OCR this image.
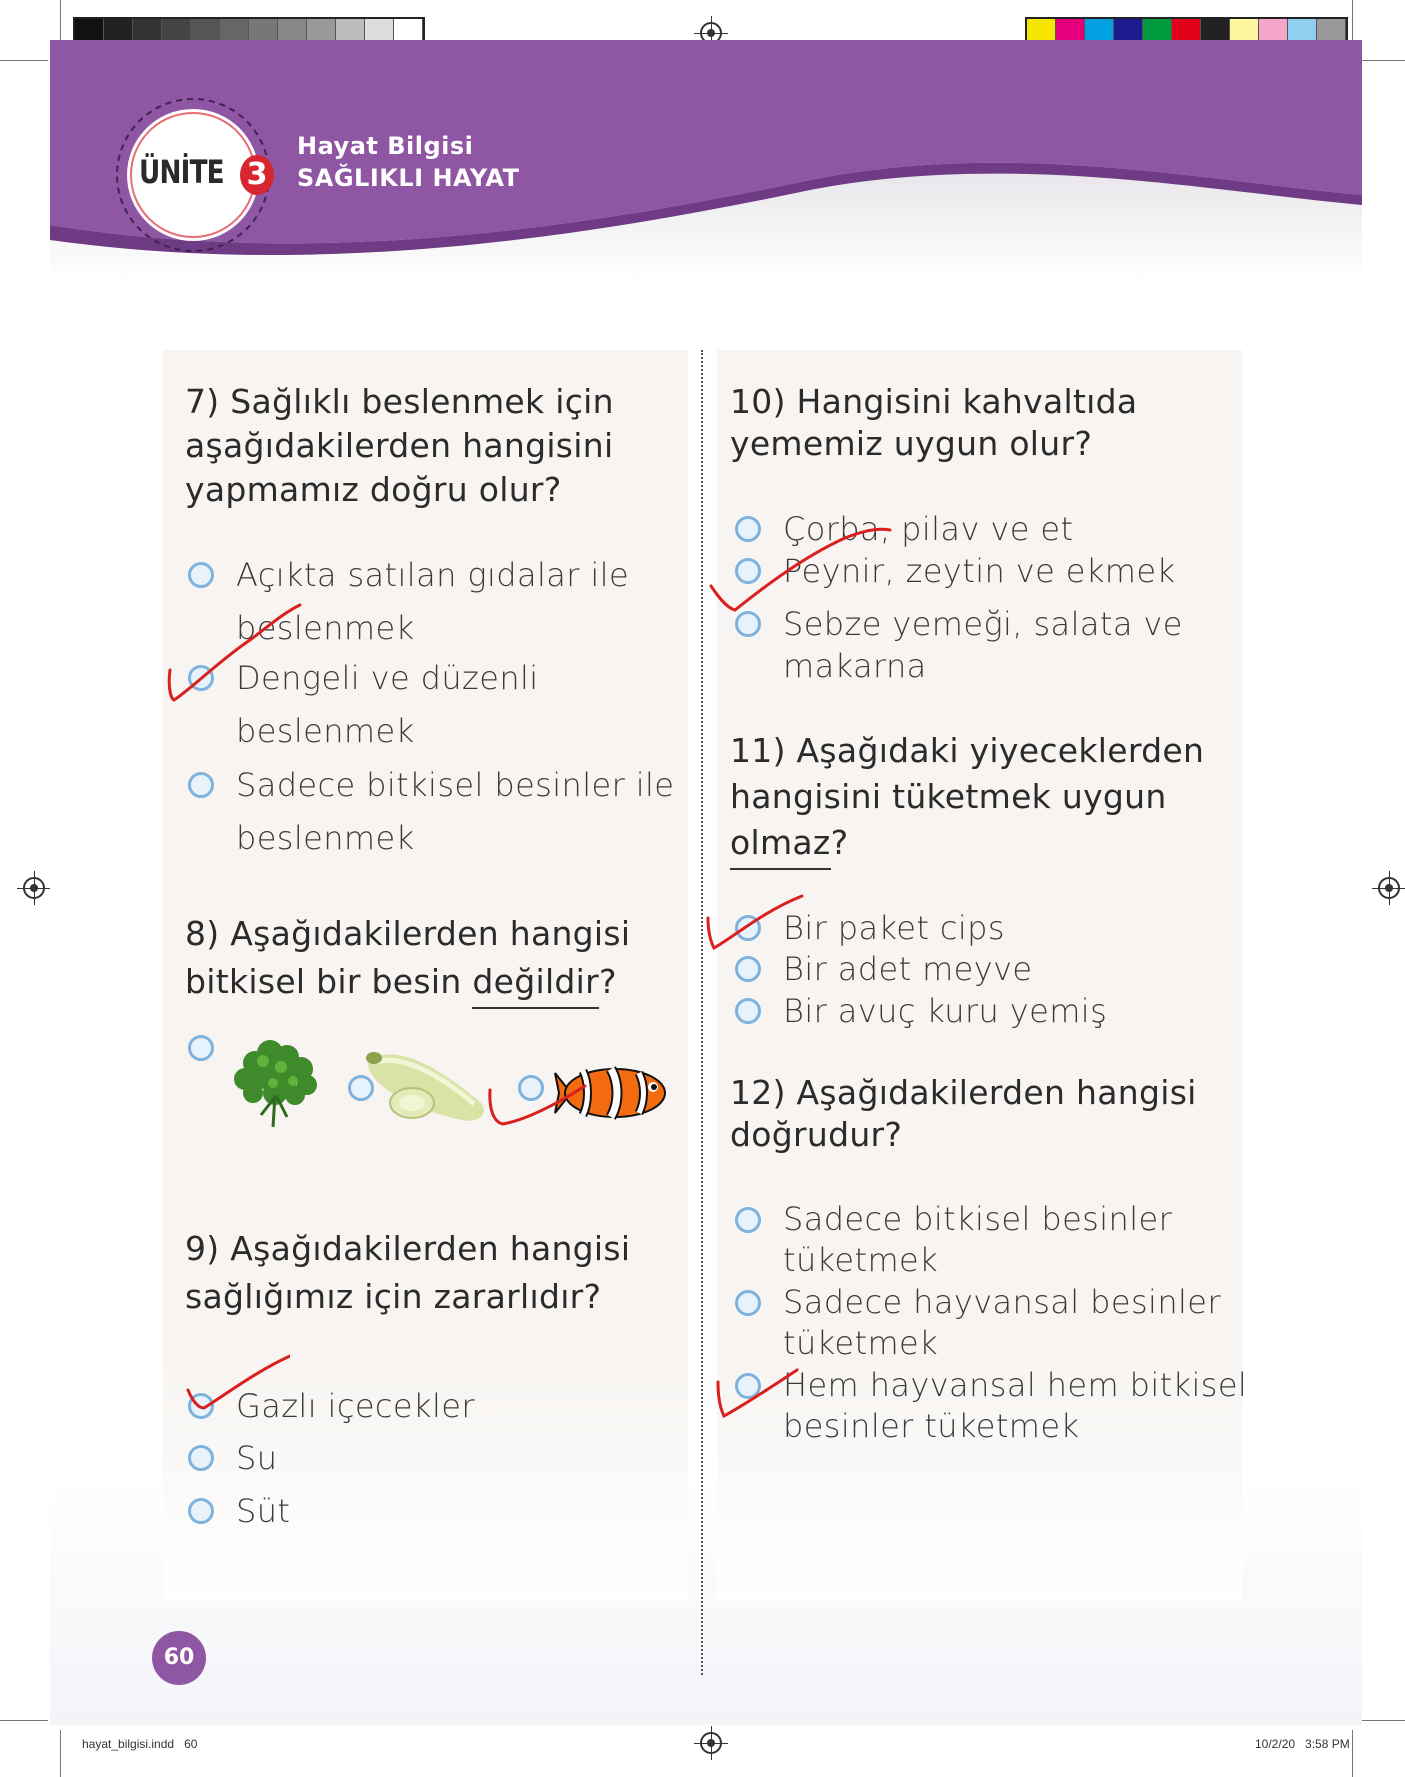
ÜNİTE 3
Hayat Bilgisi
SAĞLIKLI HAYAT
7) Sağlıklı beslenmek için
aşağıdakilerden hangisini
yapmamız doğru olur?
Açıkta satılan gıdalar ile
beslenmek
Dengeli ve düzenli
beslenmek
Sadece bitkisel besinler ile
beslenmek
8) Aşağıdakilerden hangisi
bitkisel bir besin değildir?
9) Aşağıdakilerden hangisi
sağlığımız için zararlıdır?
Gazlı içecekler
Su
Süt
10) Hangisini kahvaltıda
yememiz uygun olur?
Çorba, pilav ve et
Peynir, zeytin ve ekmek
Sebze yemeği, salata ve
makarna
11) Aşağıdaki yiyeceklerden
hangisini tüketmek uygun
olmaz?
Bir paket cips
Bir adet meyve
Bir avuç kuru yemiş
12) Aşağıdakilerden hangisi
doğrudur?
Sadece bitkisel besinler
tüketmek
Sadece hayvansal besinler
tüketmek
Hem hayvansal hem bitkisel
besinler tüketmek
60
hayat_bilgisi.indd   60	10/2/20   3:58 PM
